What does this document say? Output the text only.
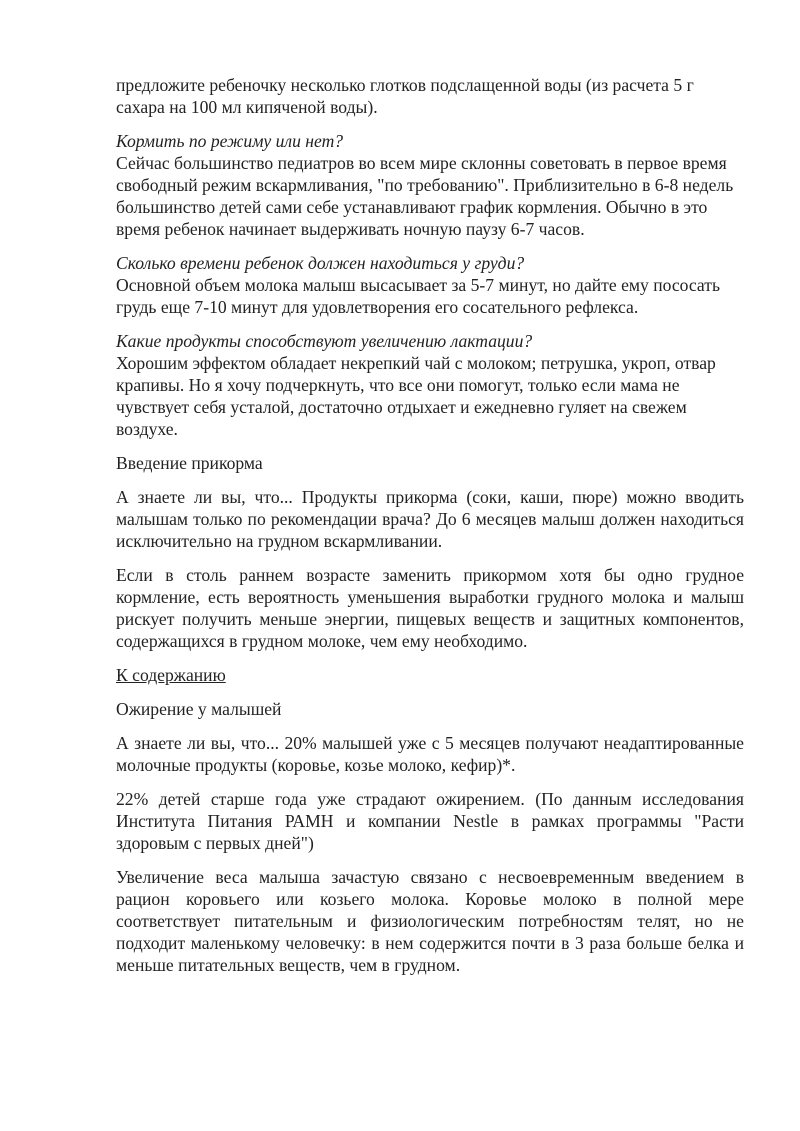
предложите ребеночку несколько глотков подслащенной воды (из расчета 5 г сахара на 100 мл кипяченой воды).

Кормить по режиму или нет?
Сейчас большинство педиатров во всем мире склонны советовать в первое время свободный режим вскармливания, "по требованию". Приблизительно в 6-8 недель большинство детей сами себе устанавливают график кормления. Обычно в это время ребенок начинает выдерживать ночную паузу 6-7 часов.
Сколько времени ребенок должен находиться у груди?
Основной объем молока малыш высасывает за 5-7 минут, но дайте ему пососать грудь еще 7-10 минут для удовлетворения его сосательного рефлекса.
Какие продукты способствуют увеличению лактации?
Хорошим эффектом обладает некрепкий чай с молоком; петрушка, укроп, отвар крапивы. Но я хочу подчеркнуть, что все они помогут, только если мама не чувствует себя усталой, достаточно отдыхает и ежедневно гуляет на свежем воздухе.
Введение прикорма

А знаете ли вы, что... Продукты прикорма (соки, каши, пюре) можно вводить малышам только по рекомендации врача? До 6 месяцев малыш должен находиться исключительно на грудном вскармливании.

Если в столь раннем возрасте заменить прикормом хотя бы одно грудное кормление, есть вероятность уменьшения выработки грудного молока и малыш рискует получить меньше энергии, пищевых веществ и защитных компонентов, содержащихся в грудном молоке, чем ему необходимо.

К содержанию

Ожирение у малышей

А знаете ли вы, что... 20% малышей уже с 5 месяцев получают неадаптированные молочные продукты (коровье, козье молоко, кефир)*.

22% детей старше года уже страдают ожирением. (По данным исследования Института Питания РАМН и компании Nestle в рамках программы "Расти здоровым с первых дней")

Увеличение веса малыша зачастую связано с несвоевременным введением в рацион коровьего или козьего молока. Коровье молоко в полной мере соответствует питательным и физиологическим потребностям телят, но не подходит маленькому человечку: в нем содержится почти в 3 раза больше белка и меньше питательных веществ, чем в грудном.
